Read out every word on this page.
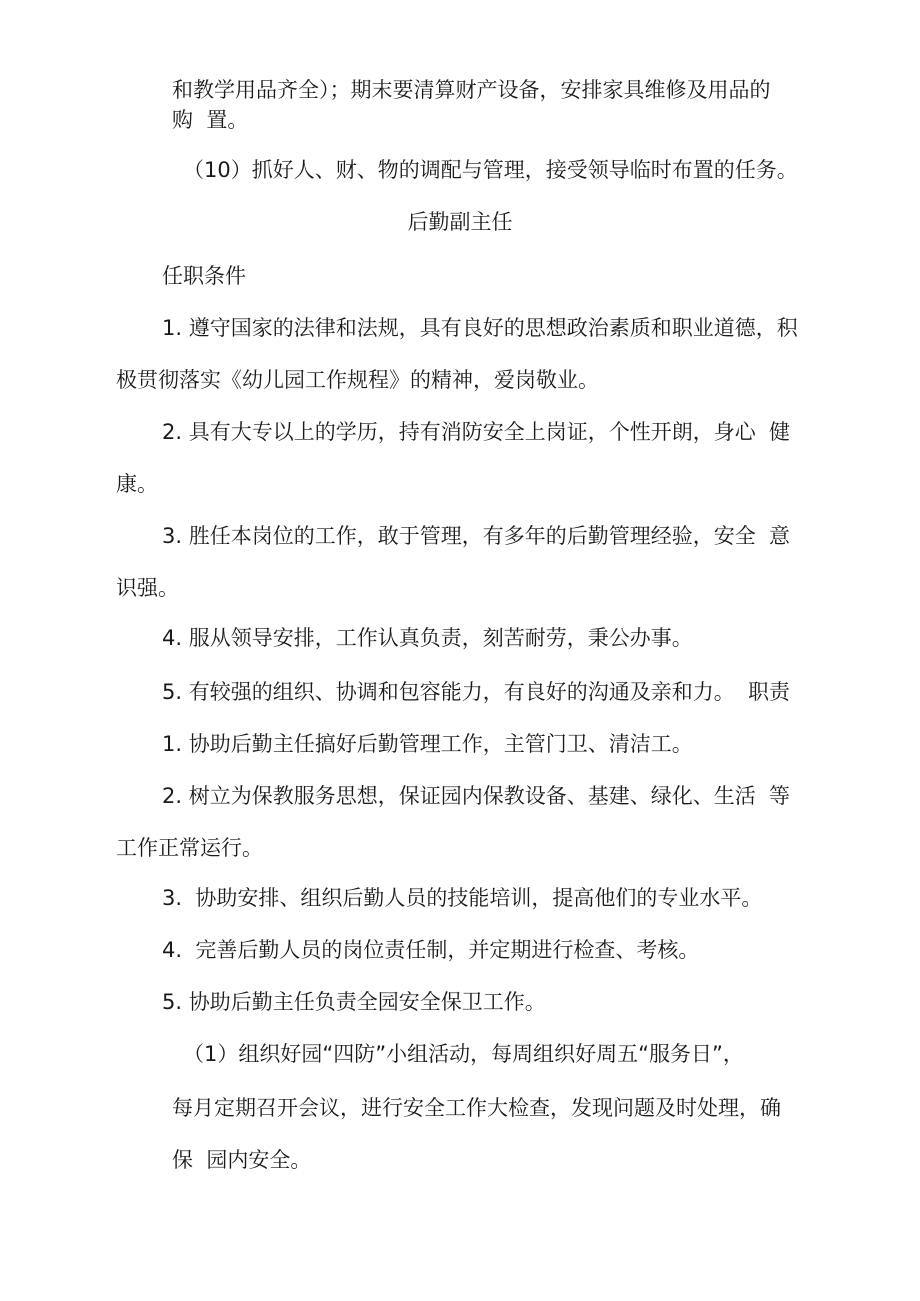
和教学用品齐全）；期末要清算财产设备，安排家具维修及用品的

购  置。

（10）抓好人、财、物的调配与管理，接受领导临时布置的任务。

后勤副主任

任职条件

1. 遵守国家的法律和法规，具有良好的思想政治素质和职业道德，积

极贯彻落实《幼儿园工作规程》的精神，爱岗敬业。

2. 具有大专以上的学历，持有消防安全上岗证，个性开朗，身心  健

康。

3. 胜任本岗位的工作，敢于管理，有多年的后勤管理经验，安全  意

识强。

4. 服从领导安排，工作认真负责，刻苦耐劳，秉公办事。

5. 有较强的组织、协调和包容能力，有良好的沟通及亲和力。  职责

1. 协助后勤主任搞好后勤管理工作，主管门卫、清洁工。

2. 树立为保教服务思想，保证园内保教设备、基建、绿化、生活  等

工作正常运行。

3.  协助安排、组织后勤人员的技能培训，提高他们的专业水平。

4.  完善后勤人员的岗位责任制，并定期进行检查、考核。

5. 协助后勤主任负责全园安全保卫工作。

（1）组织好园“四防”小组活动，每周组织好周五“服务日”，

每月定期召开会议，进行安全工作大检查，发现问题及时处理，确

保  园内安全。
